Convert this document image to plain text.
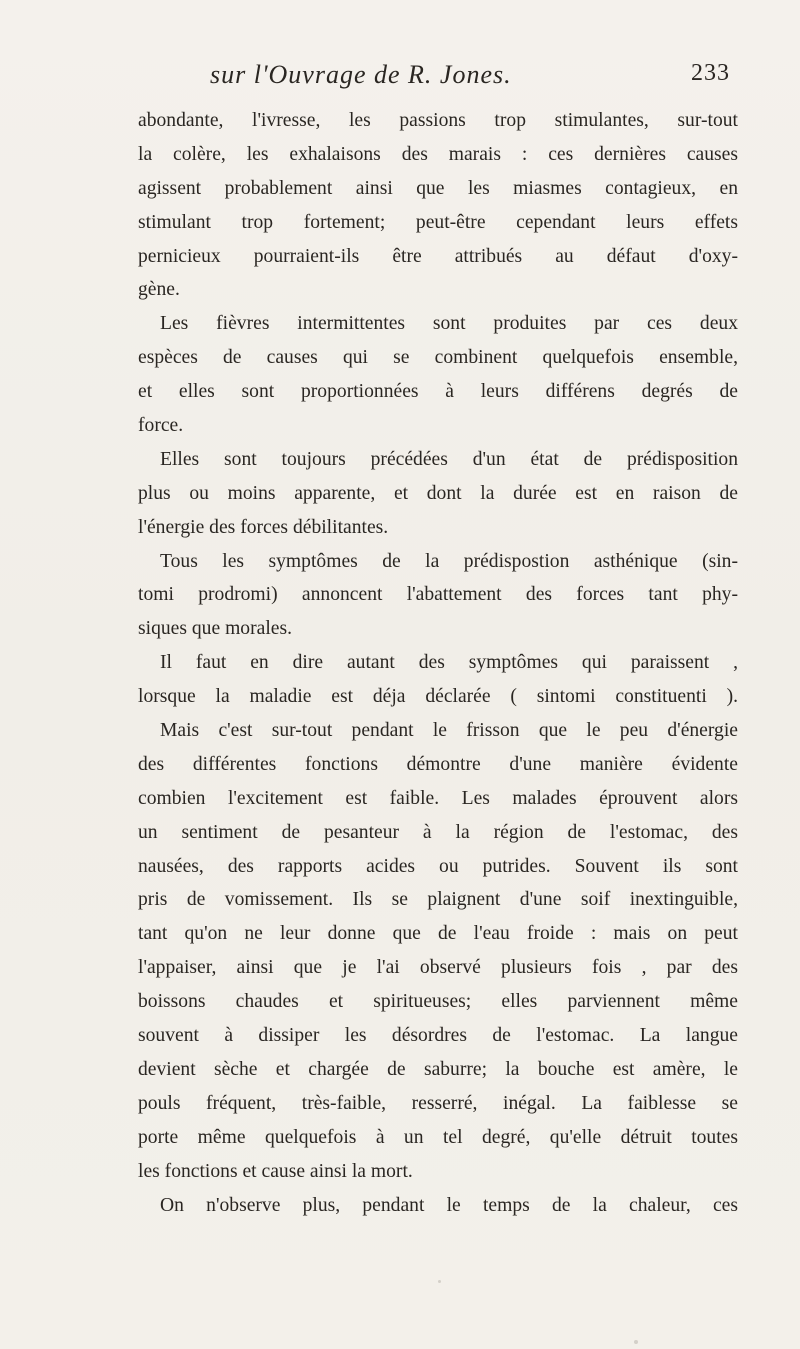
sur l'Ouvrage de R. Jones.	233
abondante, l'ivresse, les passions trop stimulantes, sur-tout
la colère, les exhalaisons des marais : ces dernières causes
agissent probablement ainsi que les miasmes contagieux, en
stimulant trop fortement; peut-être cependant leurs effets
pernicieux pourraient-ils être attribués au défaut d'oxy-
gène.
Les fièvres intermittentes sont produites par ces deux
espèces de causes qui se combinent quelquefois ensemble,
et elles sont proportionnées à leurs différens degrés de
force.
Elles sont toujours précédées d'un état de prédisposition
plus ou moins apparente, et dont la durée est en raison de
l'énergie des forces débilitantes.
Tous les symptômes de la prédispostion asthénique (sin-
tomi prodromi) annoncent l'abattement des forces tant phy-
siques que morales.
Il faut en dire autant des symptômes qui paraissent ,
lorsque la maladie est déja déclarée ( sintomi constituenti ).
Mais c'est sur-tout pendant le frisson que le peu d'énergie
des différentes fonctions démontre d'une manière évidente
combien l'excitement est faible. Les malades éprouvent alors
un sentiment de pesanteur à la région de l'estomac, des
nausées, des rapports acides ou putrides. Souvent ils sont
pris de vomissement. Ils se plaignent d'une soif inextinguible,
tant qu'on ne leur donne que de l'eau froide : mais on peut
l'appaiser, ainsi que je l'ai observé plusieurs fois , par des
boissons chaudes et spiritueuses; elles parviennent même
souvent à dissiper les désordres de l'estomac. La langue
devient sèche et chargée de saburre; la bouche est amère, le
pouls fréquent, très-faible, resserré, inégal. La faiblesse se
porte même quelquefois à un tel degré, qu'elle détruit toutes
les fonctions et cause ainsi la mort.
On n'observe plus, pendant le temps de la chaleur, ces
